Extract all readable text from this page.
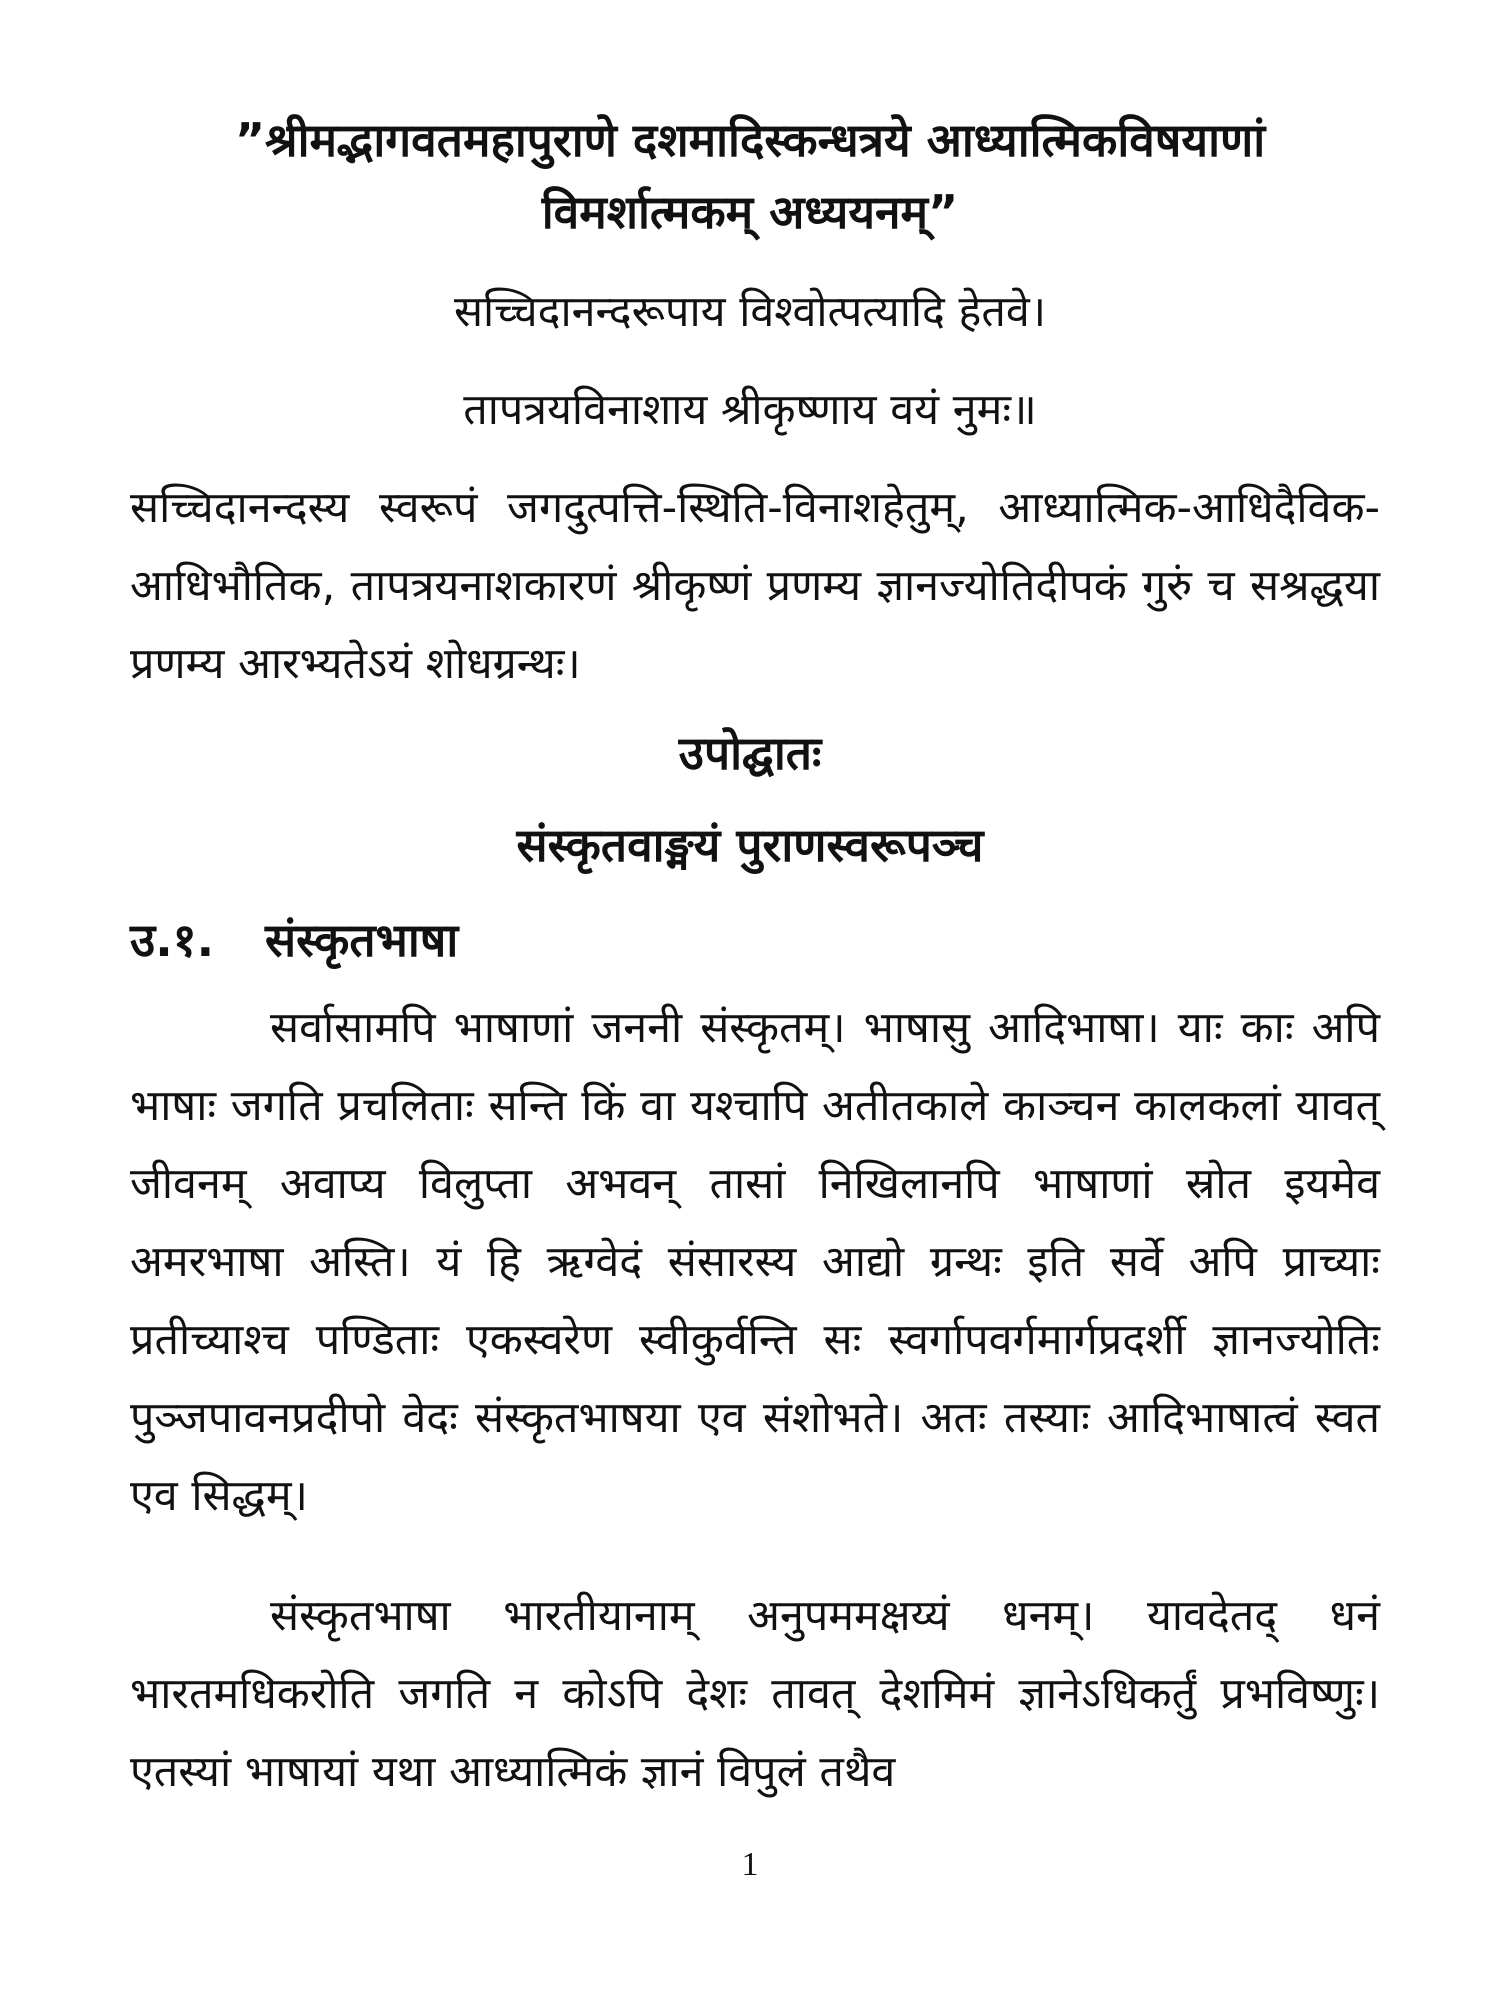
”श्रीमद्भागवतमहापुराणे दशमादिस्कन्धत्रये आध्यात्मिकविषयाणां

विमर्शात्मकम् अध्ययनम्”

सच्चिदानन्दरूपाय विश्वोत्पत्यादि हेतवे।

तापत्रयविनाशाय श्रीकृष्णाय वयं नुमः॥

सच्चिदानन्दस्य स्वरूपं जगदुत्पत्ति-स्थिति-विनाशहेतुम्, आध्यात्मिक-आधिदैविक-आधिभौतिक, तापत्रयनाशकारणं श्रीकृष्णं प्रणम्य ज्ञानज्योतिदीपकं गुरुं च सश्रद्धया प्रणम्य आरभ्यतेऽयं शोधग्रन्थः।

उपोद्घातः

संस्कृतवाङ्मयं पुराणस्वरूपञ्च

उ.१. संस्कृतभाषा

सर्वासामपि भाषाणां जननी संस्कृतम्। भाषासु आदिभाषा। याः काः अपि भाषाः जगति प्रचलिताः सन्ति किं वा यश्चापि अतीतकाले काञ्चन कालकलां यावत् जीवनम् अवाप्य विलुप्ता अभवन् तासां निखिलानपि भाषाणां स्रोत इयमेव अमरभाषा अस्ति। यं हि ऋग्वेदं संसारस्य आद्यो ग्रन्थः इति सर्वे अपि प्राच्याः प्रतीच्याश्च पण्डिताः एकस्वरेण स्वीकुर्वन्ति सः स्वर्गापवर्गमार्गप्रदर्शी ज्ञानज्योतिः पुञ्जपावनप्रदीपो वेदः संस्कृतभाषया एव संशोभते। अतः तस्याः आदिभाषात्वं स्वत एव सिद्धम्।

संस्कृतभाषा भारतीयानाम् अनुपममक्षय्यं धनम्। यावदेतद् धनं भारतमधिकरोति जगति न कोऽपि देशः तावत् देशमिमं ज्ञानेऽधिकर्तुं प्रभविष्णुः। एतस्यां भाषायां यथा आध्यात्मिकं ज्ञानं विपुलं तथैव

1
